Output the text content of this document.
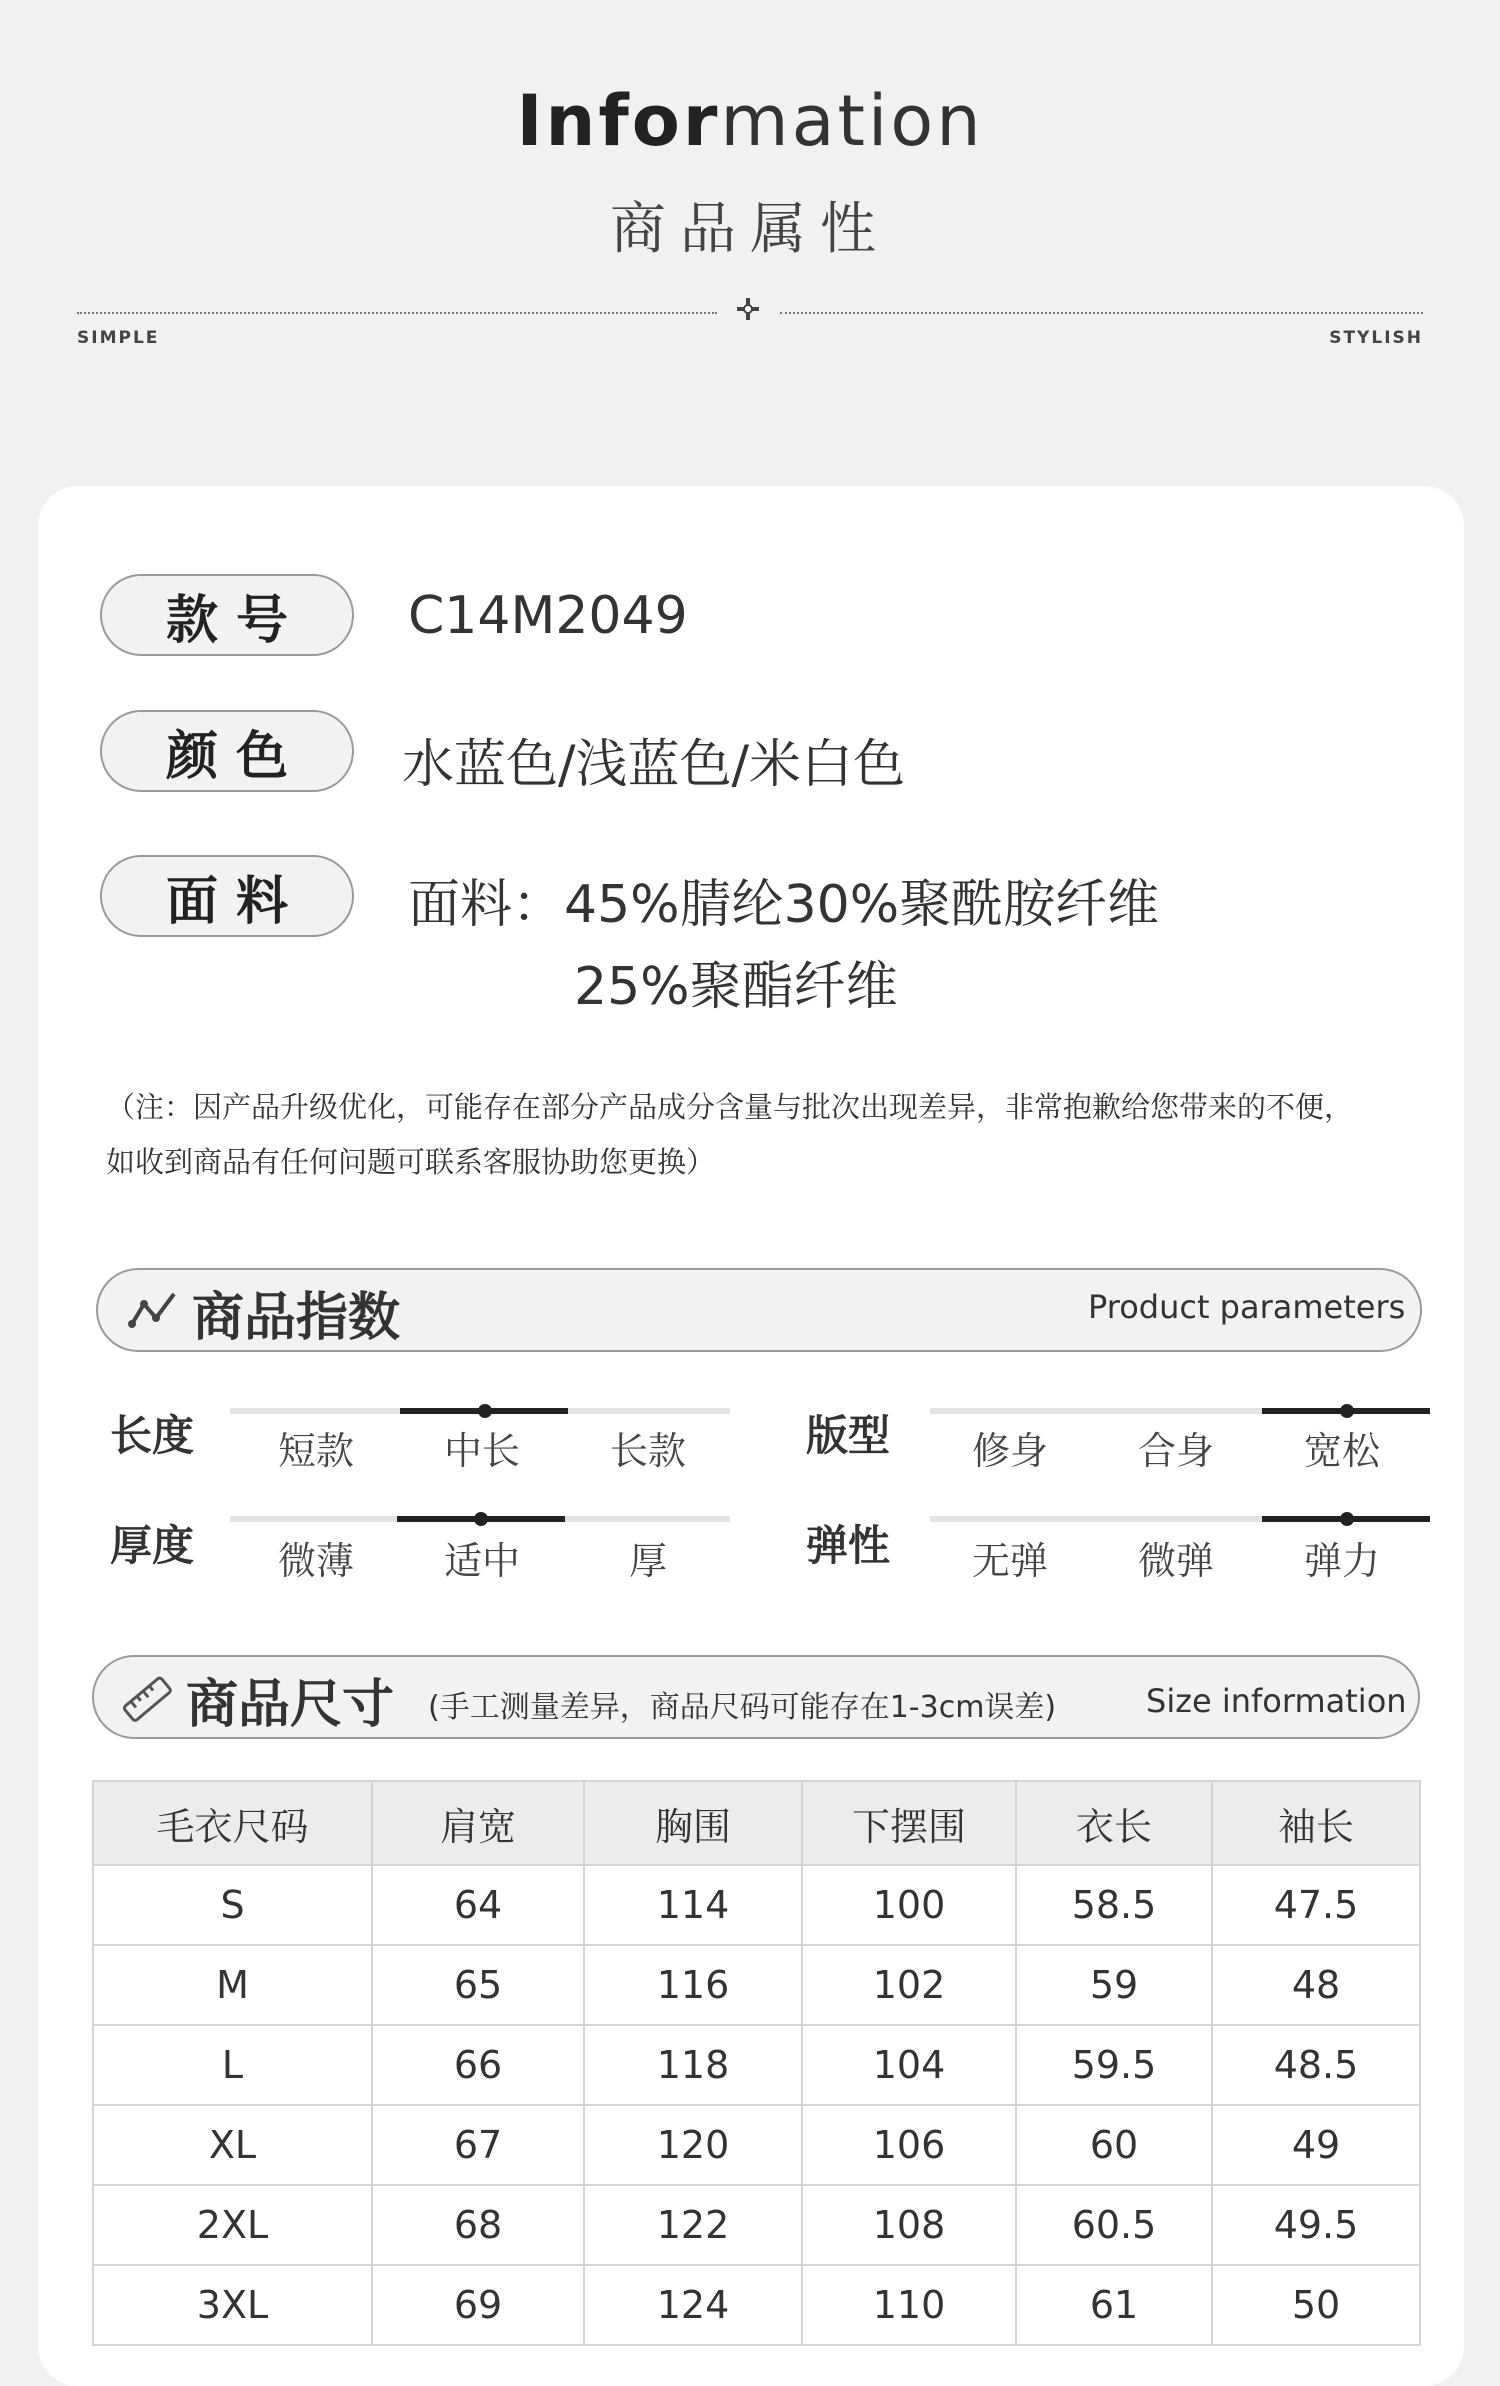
Information
商品属性
SIMPLE	STYLISH
款号	C14M2049
颜色	水蓝色/浅蓝色/米白色
面料	面料：45%腈纶30%聚酰胺纤维
25%聚酯纤维
（注：因产品升级优化，可能存在部分产品成分含量与批次出现差异，非常抱歉给您带来的不便，
如收到商品有任何问题可联系客服协助您更换）
商品指数	Product parameters
长度	短款	中长	长款	版型	修身	合身	宽松
厚度	微薄	适中	厚	弹性	无弹	微弹	弹力
商品尺寸 (手工测量差异，商品尺码可能存在1-3cm误差)	Size information
毛衣尺码	肩宽	胸围	下摆围	衣长	袖长
S	64	114	100	58.5	47.5
M	65	116	102	59	48
L	66	118	104	59.5	48.5
XL	67	120	106	60	49
2XL	68	122	108	60.5	49.5
3XL	69	124	110	61	50
